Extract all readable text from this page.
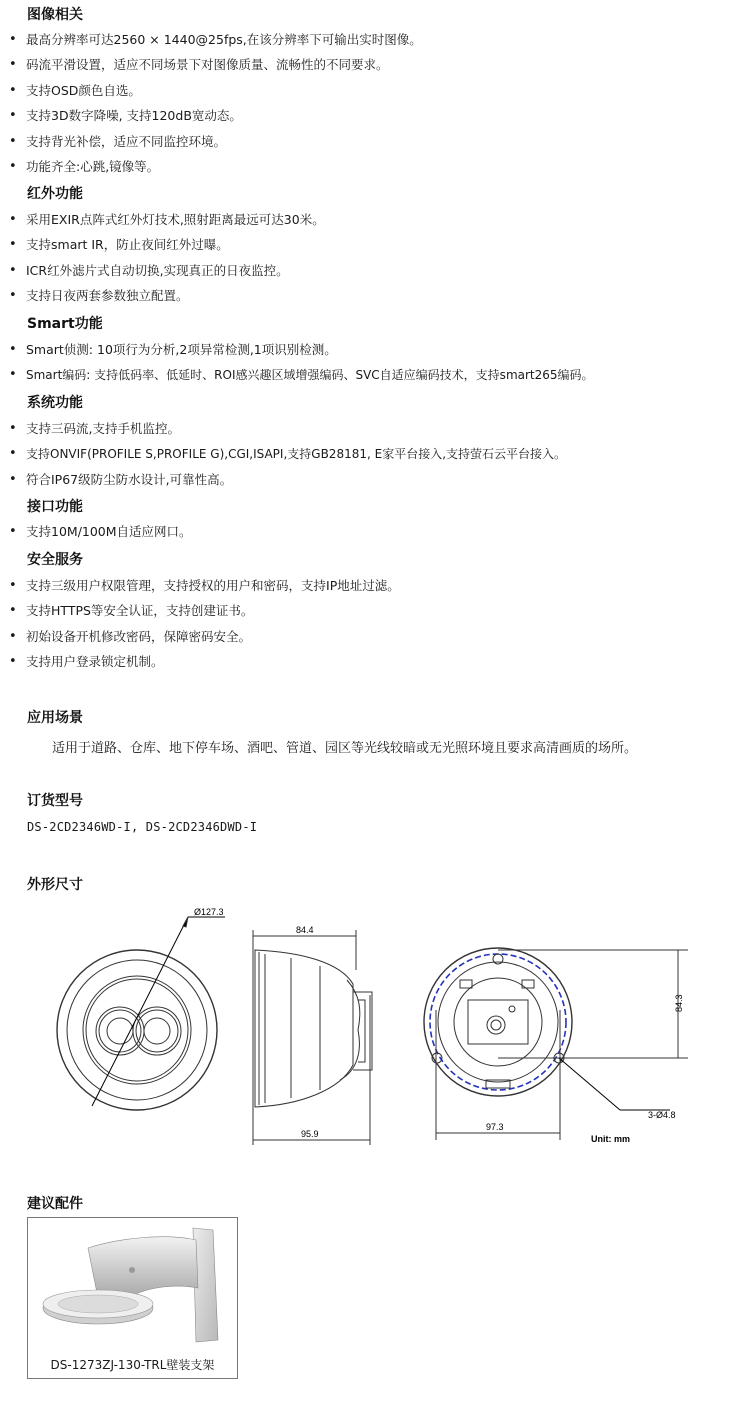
图像相关
• 最高分辨率可达2560 × 1440@25fps,在该分辨率下可输出实时图像。
• 码流平滑设置，适应不同场景下对图像质量、流畅性的不同要求。
• 支持OSD颜色自选。
• 支持3D数字降噪, 支持120dB宽动态。
• 支持背光补偿，适应不同监控环境。
• 功能齐全:心跳,镜像等。
红外功能
• 采用EXIR点阵式红外灯技术,照射距离最远可达30米。
• 支持smart IR，防止夜间红外过曝。
• ICR红外滤片式自动切换,实现真正的日夜监控。
• 支持日夜两套参数独立配置。
Smart功能
• Smart侦测: 10项行为分析,2项异常检测,1项识别检测。
• Smart编码: 支持低码率、低延时、ROI感兴趣区域增强编码、SVC自适应编码技术，支持smart265编码。
系统功能
• 支持三码流,支持手机监控。
• 支持ONVIF(PROFILE S,PROFILE G),CGI,ISAPI,支持GB28181, E家平台接入,支持萤石云平台接入。
• 符合IP67级防尘防水设计,可靠性高。
接口功能
• 支持10M/100M自适应网口。
安全服务
• 支持三级用户权限管理，支持授权的用户和密码，支持IP地址过滤。
• 支持HTTPS等安全认证，支持创建证书。
• 初始设备开机修改密码，保障密码安全。
• 支持用户登录锁定机制。
应用场景

适用于道路、仓库、地下停车场、酒吧、管道、园区等光线较暗或无光照环境且要求高清画质的场所。

订货型号

DS-2CD2346WD-I, DS-2CD2346DWD-I

外形尺寸
Ø127.3
84.4
95.9
97.3
84.3
3-Ø4.8
Unit: mm
建议配件

DS-1273ZJ-130-TRL壁装支架
